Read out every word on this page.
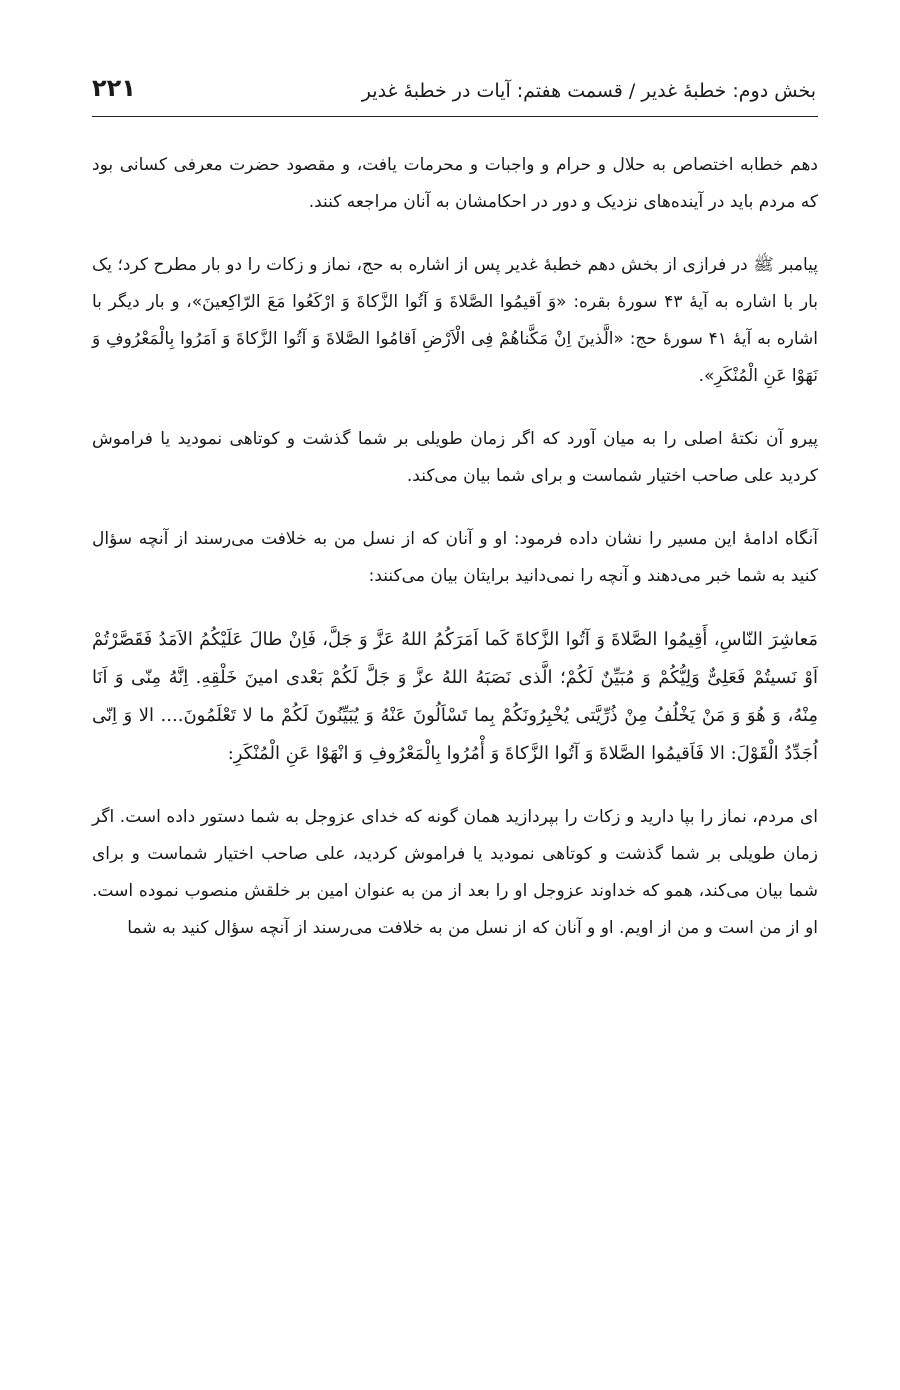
بخش دوم: خطبۀ غدیر / قسمت هفتم: آیات در خطبۀ غدیر
۲۲۱

دهم خطابه اختصاص به حلال و حرام و واجبات و محرمات یافت، و مقصود حضرت معرفی کسانی بود که مردم باید در آینده‌های نزدیک و دور در احکامشان به آنان مراجعه کنند.

پیامبر ﷺ در فرازی از بخش دهم خطبۀ غدیر پس از اشاره به حج، نماز و زکات را دو بار مطرح کرد؛ یک بار با اشاره به آیۀ ۴۳ سورۀ بقره: «وَ اَقیمُوا الصَّلاةَ وَ آتُوا الزَّكاةَ وَ ارْكَعُوا مَعَ الرّاكِعینَ»، و بار دیگر با اشاره به آیۀ ۴۱ سورۀ حج: «الَّذینَ اِنْ مَكَّناهُمْ فِی الْاَرْضِ اَقامُوا الصَّلاةَ وَ آتُوا الزَّكاةَ وَ اَمَرُوا بِالْمَعْرُوفِ وَ نَهَوْا عَنِ الْمُنْكَرِ».

پیرو آن نکتۀ اصلی را به میان آورد که اگر زمان طویلی بر شما گذشت و کوتاهی نمودید یا فراموش کردید علی صاحب اختیار شماست و برای شما بیان می‌کند.

آنگاه ادامۀ این مسیر را نشان داده فرمود: او و آنان که از نسل من به خلافت می‌رسند از آنچه سؤال کنید به شما خبر می‌دهند و آنچه را نمی‌دانید برایتان بیان می‌کنند:

مَعاشِرَ النّاسِ، أَقِیمُوا الصَّلاةَ وَ آتُوا الزَّكاةَ كَما اَمَرَكُمُ اللهُ عَزَّ وَ جَلَّ، فَاِنْ طالَ عَلَیْكُمُ الاَمَدُ فَقَصَّرْتُمْ اَوْ نَسیتُمْ فَعَلِیٌّ وَلِیُّكُمْ وَ مُبَیِّنٌ لَكُمْ؛ الَّذی نَصَبَهُ اللهُ عزَّ وَ جَلَّ لَكُمْ بَعْدی امینَ خَلْقِهِ. اِنَّهُ مِنّی وَ اَنَا مِنْهُ، وَ هُوَ وَ مَنْ یَخْلُفُ مِنْ ذُرِّیَّتی یُخْبِرُونَكُمْ بِما تَسْاَلُونَ عَنْهُ وَ یُبَیِّنُونَ لَكُمْ ما لا تَعْلَمُونَ.... الا وَ اِنّی اُجَدِّدُ الْقَوْلَ: الا فَاَقیمُوا الصَّلاةَ وَ آتُوا الزَّكاةَ وَ أْمُرُوا بِالْمَعْرُوفِ وَ انْهَوْا عَنِ الْمُنْكَرِ:

ای مردم، نماز را بپا دارید و زکات را بپردازید همان گونه که خدای عزوجل به شما دستور داده است. اگر زمان طویلی بر شما گذشت و کوتاهی نمودید یا فراموش کردید، علی صاحب اختیار شماست و برای شما بیان می‌کند، همو که خداوند عزوجل او را بعد از من به عنوان امین بر خلقش منصوب نموده است. او از من است و من از اویم. او و آنان که از نسل من به خلافت می‌رسند از آنچه سؤال کنید به شما
